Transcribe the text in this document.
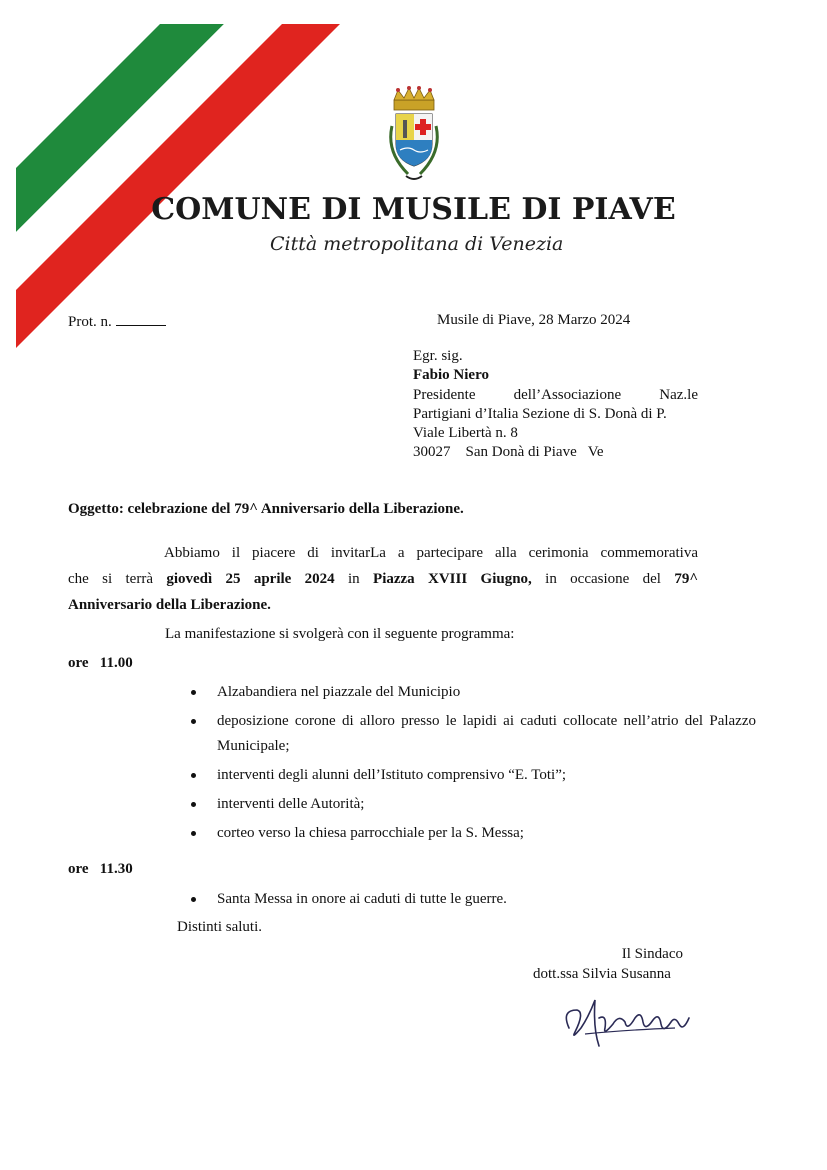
COMUNE DI MUSILE DI PIAVE
Città metropolitana di Venezia
Prot. n.	Musile di Piave, 28 Marzo 2024
Egr. sig.
Fabio Niero
Presidente	dell’Associazione	Naz.le
Partigiani d’Italia Sezione di S. Donà di P.
Viale Libertà n. 8
30027 San Donà di Piave Ve
Oggetto: celebrazione del 79^ Anniversario della Liberazione.

Abbiamo il piacere di invitarLa a partecipare alla cerimonia commemorativa

che si terrà giovedì 25 aprile 2024 in Piazza XVIII Giugno, in occasione del 79^

Anniversario della Liberazione.

La manifestazione si svolgerà con il seguente programma:
ore   11.00
Alzabandiera nel piazzale del Municipio
deposizione corone di alloro presso le lapidi ai caduti collocate nell’atrio del Palazzo Municipale;
interventi degli alunni dell’Istituto comprensivo “E. Toti”;
interventi delle Autorità;
corteo verso la chiesa parrocchiale per la S. Messa;
ore   11.30
Santa Messa in onore ai caduti di tutte le guerre.
Distinti saluti.
Il Sindaco
dott.ssa Silvia Susanna
